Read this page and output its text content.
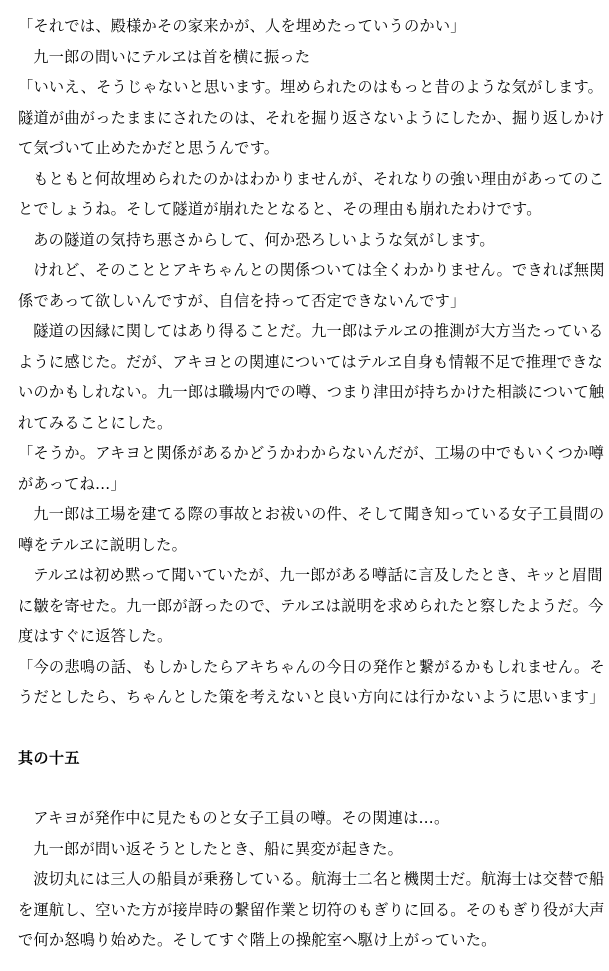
「それでは、殿様かその家来かが、人を埋めたっていうのかい」

九一郎の問いにテルヱは首を横に振った

「いいえ、そうじゃないと思います。埋められたのはもっと昔のような気がします。隧道が曲がったままにされたのは、それを掘り返さないようにしたか、掘り返しかけて気づいて止めたかだと思うんです。

もともと何故埋められたのかはわかりませんが、それなりの強い理由があってのことでしょうね。そして隧道が崩れたとなると、その理由も崩れたわけです。

あの隧道の気持ち悪さからして、何か恐ろしいような気がします。

けれど、そのこととアキちゃんとの関係ついては全くわかりません。できれば無関係であって欲しいんですが、自信を持って否定できないんです」

隧道の因縁に関してはあり得ることだ。九一郎はテルヱの推測が大方当たっているように感じた。だが、アキヨとの関連についてはテルヱ自身も情報不足で推理できないのかもしれない。九一郎は職場内での噂、つまり津田が持ちかけた相談について触れてみることにした。

「そうか。アキヨと関係があるかどうかわからないんだが、工場の中でもいくつか噂があってね…」

九一郎は工場を建てる際の事故とお祓いの件、そして聞き知っている女子工員間の噂をテルヱに説明した。

テルヱは初め黙って聞いていたが、九一郎がある噂話に言及したとき、キッと眉間に皺を寄せた。九一郎が訝ったので、テルヱは説明を求められたと察したようだ。今度はすぐに返答した。

「今の悲鳴の話、もしかしたらアキちゃんの今日の発作と繋がるかもしれません。そうだとしたら、ちゃんとした策を考えないと良い方向には行かないように思います」

其の十五

アキヨが発作中に見たものと女子工員の噂。その関連は…。

九一郎が問い返そうとしたとき、船に異変が起きた。

波切丸には三人の船員が乗務している。航海士二名と機関士だ。航海士は交替で船を運航し、空いた方が接岸時の繋留作業と切符のもぎりに回る。そのもぎり役が大声で何か怒鳴り始めた。そしてすぐ階上の操舵室へ駆け上がっていた。
